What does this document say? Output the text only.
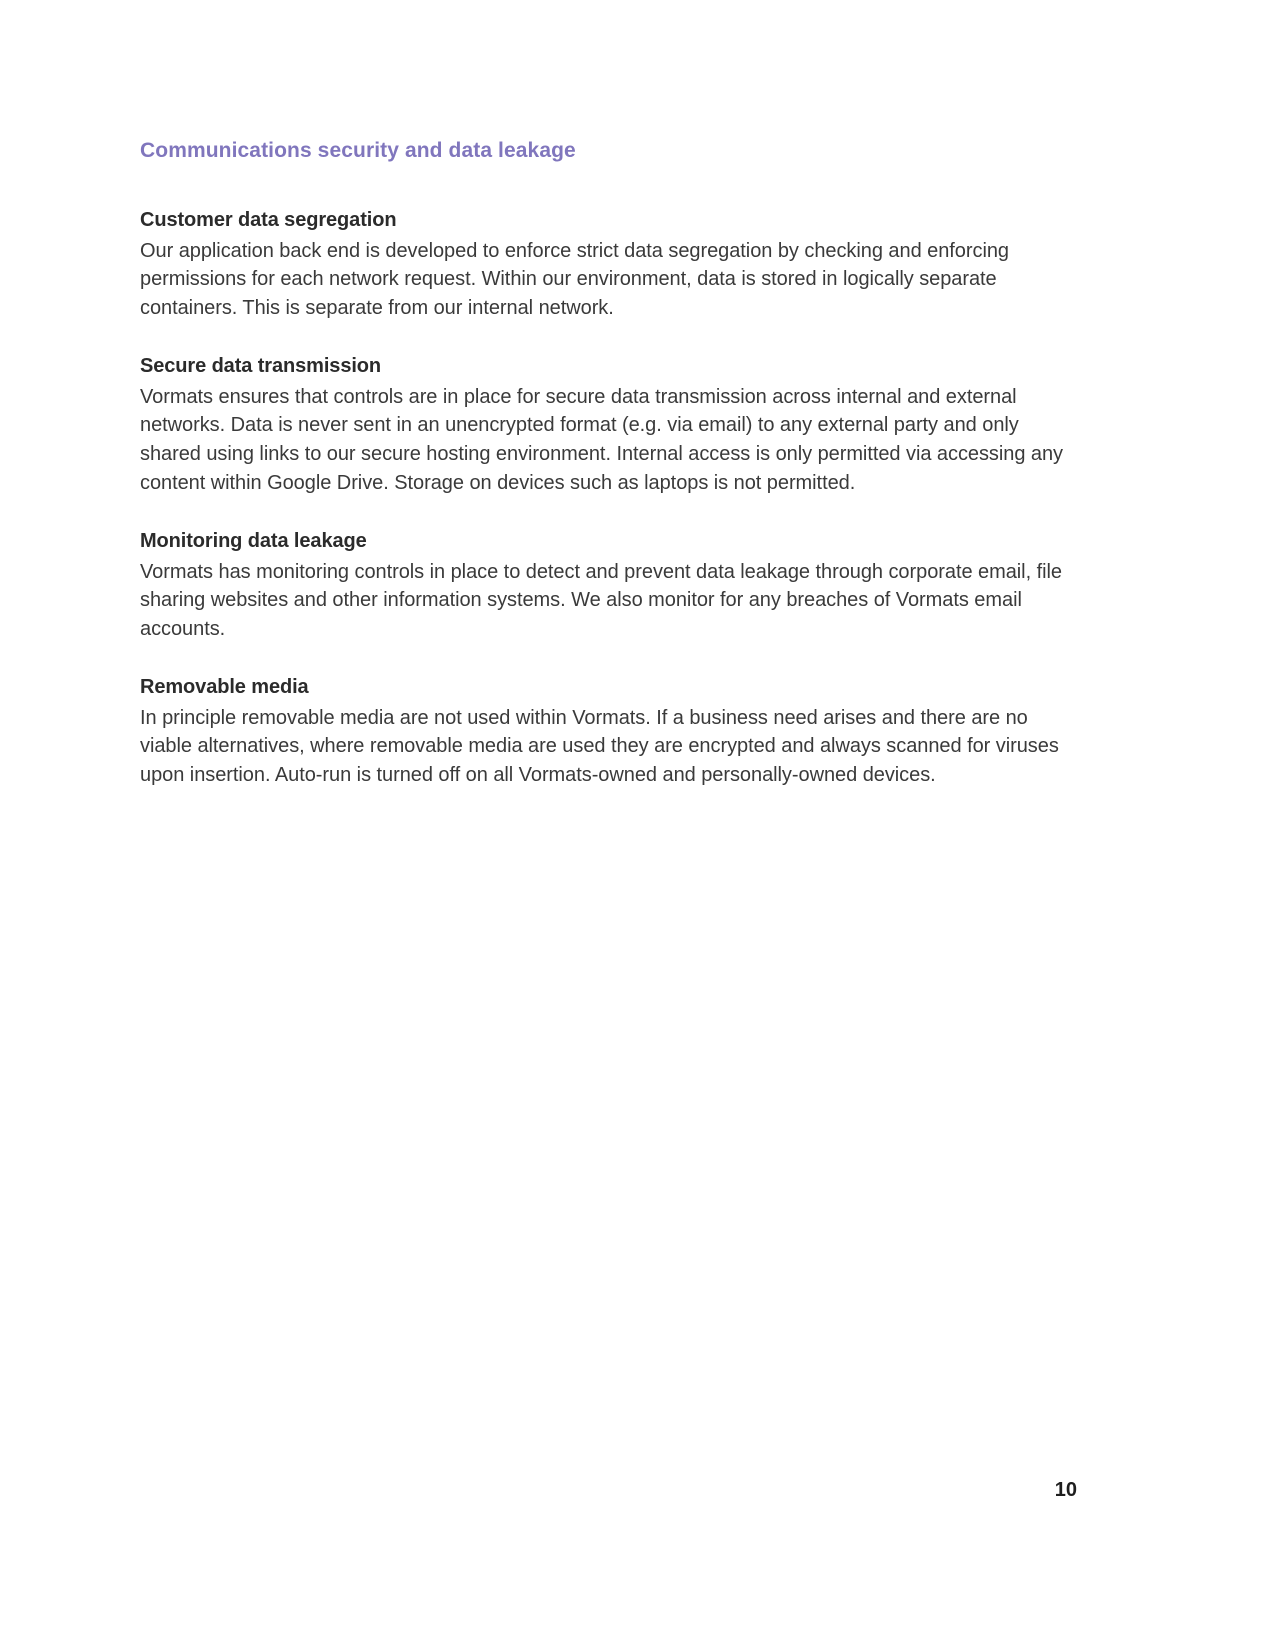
Communications security and data leakage
Customer data segregation

Our application back end is developed to enforce strict data segregation by checking and enforcing permissions for each network request. Within our environment, data is stored in logically separate containers. This is separate from our internal network.

Secure data transmission

Vormats ensures that controls are in place for secure data transmission across internal and external networks. Data is never sent in an unencrypted format (e.g. via email) to any external party and only shared using links to our secure hosting environment. Internal access is only permitted via accessing any content within Google Drive. Storage on devices such as laptops is not permitted.

Monitoring data leakage

Vormats has monitoring controls in place to detect and prevent data leakage through corporate email, file sharing websites and other information systems. We also monitor for any breaches of Vormats email accounts.

Removable media

In principle removable media are not used within Vormats. If a business need arises and there are no viable alternatives, where removable media are used they are encrypted and always scanned for viruses upon insertion. Auto-run is turned off on all Vormats-owned and personally-owned devices.

10
